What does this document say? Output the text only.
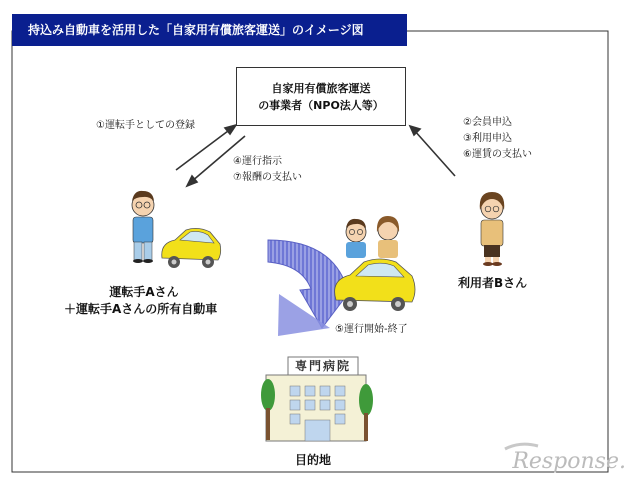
持込み自動車を活用した「自家用有償旅客運送」のイメージ図
自家用有償旅客運送
の事業者（NPO法人等）
①運転手としての登録	②会員申込
③利用申込
⑥運賃の支払い
④運行指示
⑦報酬の支払い
⑤運行開始-終了
運転手Aさん
＋運転手Aさんの所有自動車
利用者Bさん
目的地
専門病院
Response.
